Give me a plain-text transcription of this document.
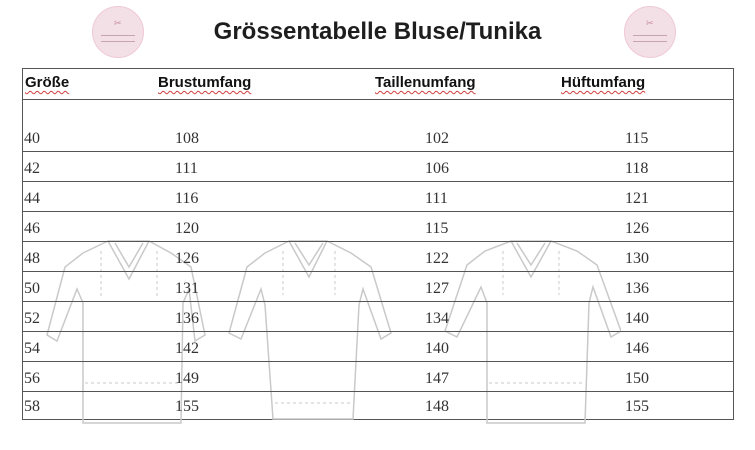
✂	✂
Grössentabelle Bluse/Tunika
Größe	Brustumfang	Taillenumfang	Hüftumfang
40	108	102	115
42	111	106	118
44	116	111	121
46	120	115	126
48	126	122	130
50	131	127	136
52	136	134	140
54	142	140	146
56	149	147	150
58	155	148	155
